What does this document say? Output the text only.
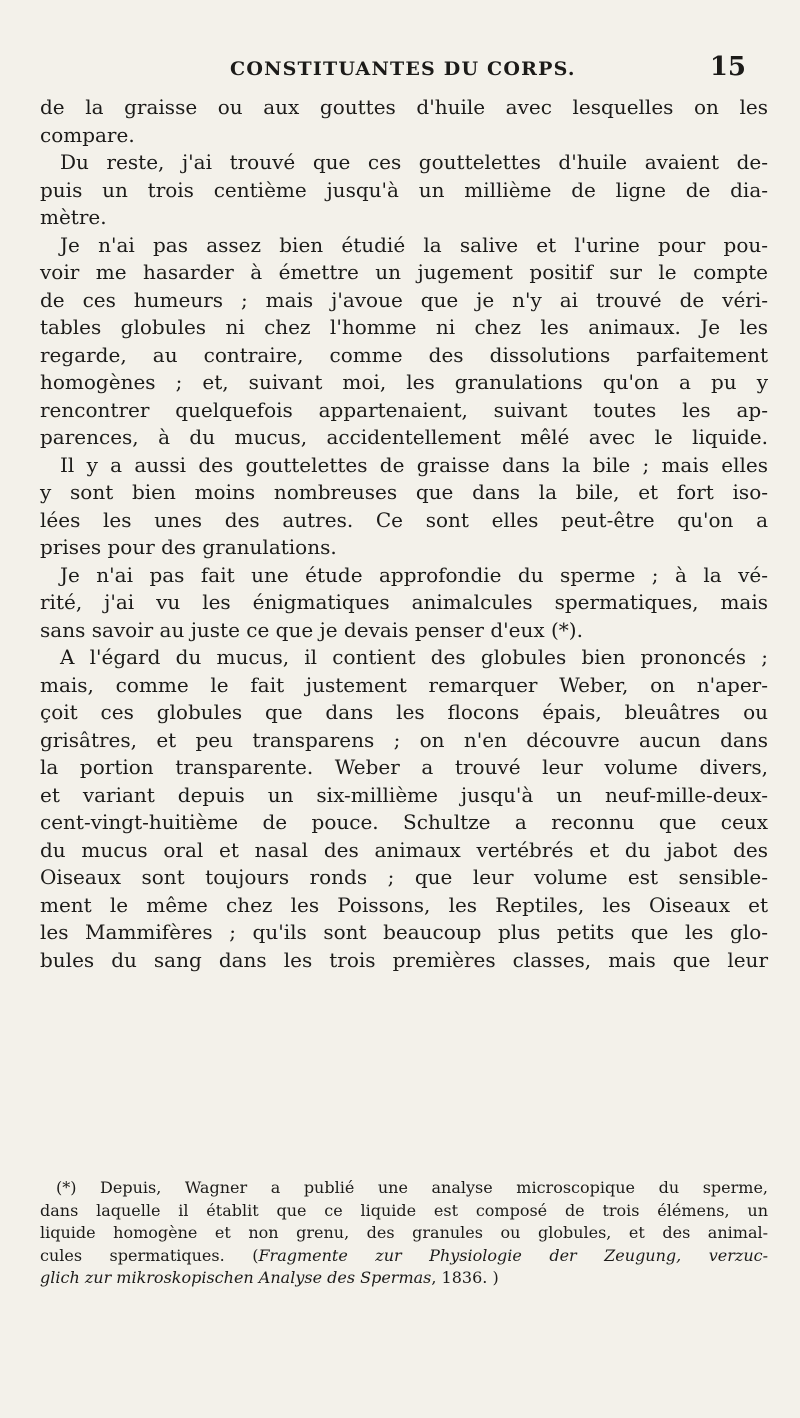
CONSTITUANTES DU CORPS.	15
de la graisse ou aux gouttes d'huile avec lesquelles on les
compare.
Du reste, j'ai trouvé que ces gouttelettes d'huile avaient de-
puis un trois centième jusqu'à un millième de ligne de dia-
mètre.
Je n'ai pas assez bien étudié la salive et l'urine pour pou-
voir me hasarder à émettre un jugement positif sur le compte
de ces humeurs ; mais j'avoue que je n'y ai trouvé de véri-
tables globules ni chez l'homme ni chez les animaux. Je les
regarde, au contraire, comme des dissolutions parfaitement
homogènes ; et, suivant moi, les granulations qu'on a pu y
rencontrer quelquefois appartenaient, suivant toutes les ap-
parences, à du mucus, accidentellement mêlé avec le liquide.
Il y a aussi des gouttelettes de graisse dans la bile ; mais elles
y sont bien moins nombreuses que dans la bile, et fort iso-
lées les unes des autres. Ce sont elles peut-être qu'on a
prises pour des granulations.
Je n'ai pas fait une étude approfondie du sperme ; à la vé-
rité, j'ai vu les énigmatiques animalcules spermatiques, mais
sans savoir au juste ce que je devais penser d'eux (*).
A l'égard du mucus, il contient des globules bien prononcés ;
mais, comme le fait justement remarquer Weber, on n'aper-
çoit ces globules que dans les flocons épais, bleuâtres ou
grisâtres, et peu transparens ; on n'en découvre aucun dans
la portion transparente. Weber a trouvé leur volume divers,
et variant depuis un six-millième jusqu'à un neuf-mille-deux-
cent-vingt-huitième de pouce. Schultze a reconnu que ceux
du mucus oral et nasal des animaux vertébrés et du jabot des
Oiseaux sont toujours ronds ; que leur volume est sensible-
ment le même chez les Poissons, les Reptiles, les Oiseaux et
les Mammifères ; qu'ils sont beaucoup plus petits que les glo-
bules du sang dans les trois premières classes, mais que leur
(*) Depuis, Wagner a publié une analyse microscopique du sperme,
dans laquelle il établit que ce liquide est composé de trois élémens, un
liquide homogène et non grenu, des granules ou globules, et des animal-
cules spermatiques. (Fragmente zur Physiologie der Zeugung, verzuc-
glich zur mikroskopischen Analyse des Spermas, 1836. )
